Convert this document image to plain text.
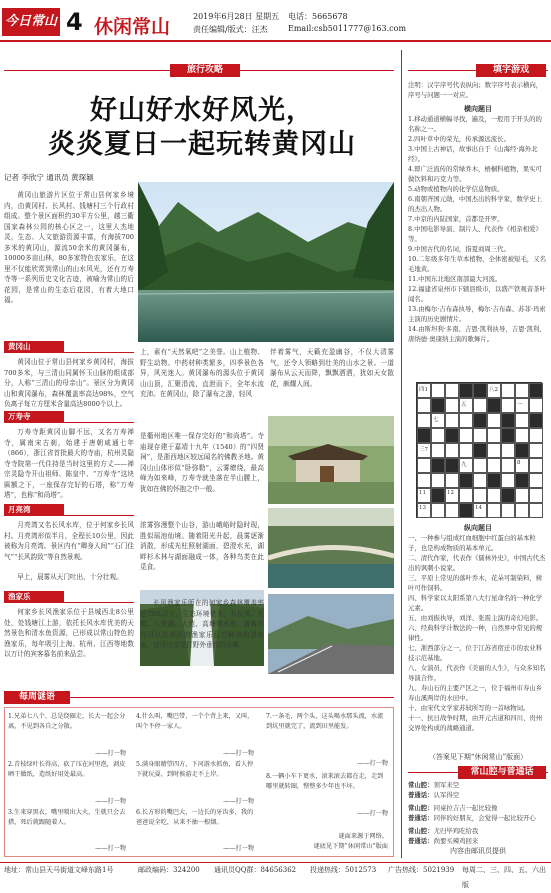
今日常山 4 休闲常山	2019年6月28日 星期五
责任编辑/版式：汪杰
电话：5665678
Email:csb5011777@163.com
旅行攻略
好山好水好风光，
炎炎夏日一起玩转黄冈山
记者 李欣宁 通讯员 黄琛颖
黄冈山旅游片区位于常山县何家乡境内，由黄冈村、长风村、钱塘村三个行政村组成。整个景区面积约30平方公里，越三衢国家森林公园的核心区之一，这里人杰地灵，生态、人文旅游资源丰富，有海拔700多米的黄冈山，源流50余米的黄冈瀑布，10000多亩山林，80多家特色农家乐，在这里不仅能欣赏到常山的山水风光，还有万寿寺等一系列历史文化古迹，被喻为常山的后花园，是常山的生态后花园，有着大地口福。
黄冈山
黄冈山位于常山县何家乡黄冈村，海拔700多米，与三清山同属怀玉山脉的组成部分，人称“三清山的母亲山”。景区分为黄冈山和黄冈瀑布，森林覆盖率高达98%，空气负离子每立方厘米含量高达8000个以上。
上，素有“天然氧吧”之美誉。山上植物、野生动物、中药材种类繁多，四季景色各异，风光迷人。黄冈瀑布的源头位于黄冈山山顶，汇聚涓流，直泄而下，全年水流充沛。在黄冈山，除了瀑布之游，轻风
伴着雾气，天籁充盈幽谷，不仅大清雾气，还令人领略到壮美的山水之景。一道瀑布从云天而降，飘飘洒洒，犹如天女散花，颇耀人间。
万寿寺
万寿寺距黄冈山脚不远，又名万寿禅寺，属南宋古刹，始建于唐朝咸通七年（866），浙江省首批最大的寺庙，杭州灵隐寺寺院第一代住持是当时这里的方丈——禅宗灵隐寺开山祖师、陈皇中、“万寿寺”这块匾额之下，一座保存完好的石塔，称“万寿塔”，也称“和尚塔”。
是衢州地区唯一保存完好的“和尚塔”。寺庙现存建于嘉靖十九年（1540）的“四贤祠”，是浙西地区较远闻名的佛教圣地。黄冈山山体形似“卧弥勒”，云雾缭绕，最高峰为如来峰，万寿寺就坐落在半山腰上，犹如在佛的怀抱之中一般。
月亮湾
月亮湾又名长风水库，位于何家乡长风村。月亮湾形似半月，全程长10公里，因此被称为月亮湾。景区内有“卿身人间”“石门佳气”“长风韵致”等自然景观。
早上，晨雾从天门吐出，十分壮观。
浓雾弥漫整个山谷，游山峨峪时隐时现，胜似瑶池仙境。随着阳光升起，晨雾逐渐消散，形成光柱照射湖面，碧澄水光，湖畔杉木林与湖面融成一体，各种鸟类在此觅食。
渔家乐
何家乡长风渔家乐位于县城西北8公里处，处钱塘江上游，依托长风水库优美的天然景色和清水鱼资源，已形成以常山特色的渔家乐，每年吸引上海、杭州、江西等地数以万计的宾客慕名前来品尝。
每周谜语
1.兄弟七八个，总是绕圈走，长大一起会分离，不见到各自之分散。
——打一物
2.青枝绿叶长得高，砍了压在河里泡，剥皮晒干做纸，造纸好用处最高。
——打一物
3.生来穿黑衣，嘴里喷出大火，生就只会去猎，死后就跟随着人。
——打一物
4.什么叫，嘴巴带，一个个背上来，又叫，叫个不停一家人。
——打一物
5.满身眼睛望四方，下河游水抓鱼，看人停下就玩耍，到时候游走不上岸。
——打一物
6.长方形的嘴巴大，一边长的牙齿多，我的爸爸说全吃，从来不抽一根烟。
——打一物
7.一条毛，两个头，这头喝水那头流，水流到坑里就完了，流到田里能发。
——打一物
8.一辆小车下更水，滚来滚去都在走，走到哪里就转圈，整整多少年也不坏。
——打一物
谜面来源于网络。
谜底见下期“休闲常山”版面
填字游戏
注明：汉字序号代表纵向；数字序号表示横向，序号与问题一一对应。
横向题目
1.移动通道横幅寻找、遍及，一般用于开头的的名称之一。
2.四叶草中的荣光，传承源远流长。
3.中国上古神话，故事出自于《山海经·海外北经》。
4.即广泛流传的常绿乔木，梧桐科植物，果实可做饮料和巧克力等。
5.动物或植物内的化学信息物质。
6.南朝齐国元勋，中国杰出的科学家，数学史上的杰出人物。
7.中京的内陆国家，首都是开罗。
8.中国电影导演、制片人、代表作《相亲相爱》等。
9.中国古代的名词，指夏商周三代。
10.二年级多年生草本植物，全体密被短毛，又名毛地黄。
11.中国东北地区南部最大河流。
12.福建省泉州市下辖县级市，以盛产铁观音茶叶闻名。
13.由梅尔·吉布森执导，梅尔·吉布森、苏菲·玛索主演的历史剧情片。
14.由斯坦利·多南、吉恩·凯利执导，吉恩·凯利、唐纳德·奥康纳主演的歌舞片。
四1	八2
五	一
七
三7
九	8
11	12
13	14
纵向题目
一、一种参与组成红血细胞中红蛋白的基本粒子，也是构成物质的基本单元。
二、清代作家，代表作《儒林外史》，中国古代杰出的讽刺小说家。
三、平原上常见的落叶乔木，花朵可制染料，树叶可作饲料。
四、科学家以太阳系第八大行星命名的一种化学元素。
五、由刘振执导，刘洋、张震主演的奇幻电影。
六、经典科学计数法的一种，自然界中常见的规律性。
七、浙西部分之一，位于江苏省宿迁市的农业科技示范基地。
八、女演员，代表作《美丽的人生》，与众多知名导演合作。
九、寿山石的主要产区之一，位于福州市寿山乡寿山溪两岸的水田中。
十、由宋代文学家苏轼所写的一首咏物词。
十一、抗日战争时期，由开元古道和四川、贵州交界处构成的战略通道。
（答案见下期“休闲常山”版面）
常山腔与普通话
常山腔：领军来空
普通话：认军得空
常山腔：同桌拉吉吉一起比较像
普通话：同伴的好朋友，会觉得一起比较开心
常山腔：尤归毕鸡吃给我
普通话：尚要买辣鸡回来
内容由邮讯员提供
地址：常山县天马街道文峰东路1号	邮政编码：324200 通讯员QQ群：84656362 投递热线：5012573 广告热线：5021939 每周二、三、四、五、六出版
长风渔家乐所在的何家乡森林覆盖率达75%以上，生态环境优美，有长风、九都、八里湖、大苑、高塘等水库，游客不仅可以在库区的渔家乐品尝鲜美的清水鱼，还可以享受打野外垂钓的乐趣。
